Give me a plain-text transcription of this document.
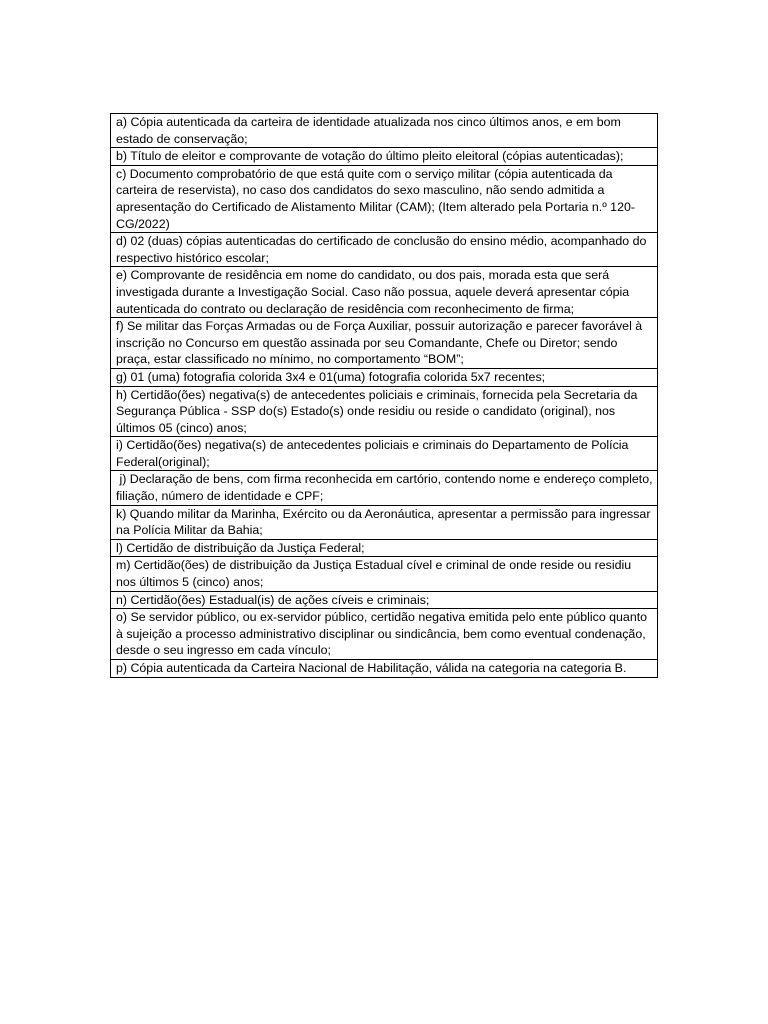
a) Cópia autenticada da carteira de identidade atualizada nos cinco últimos anos, e em bom estado de conservação;
b) Título de eleitor e comprovante de votação do último pleito eleitoral (cópias autenticadas);
c) Documento comprobatório de que está quite com o serviço militar (cópia autenticada da carteira de reservista), no caso dos candidatos do sexo masculino, não sendo admitida a apresentação do Certificado de Alistamento Militar (CAM); (Item alterado pela Portaria n.º 120-CG/2022)
d) 02 (duas) cópias autenticadas do certificado de conclusão do ensino médio, acompanhado do respectivo histórico escolar;
e) Comprovante de residência em nome do candidato, ou dos pais, morada esta que será investigada durante a Investigação Social. Caso não possua, aquele deverá apresentar cópia autenticada do contrato ou declaração de residência com reconhecimento de firma;
f) Se militar das Forças Armadas ou de Força Auxiliar, possuir autorização e parecer favorável à inscrição no Concurso em questão assinada por seu Comandante, Chefe ou Diretor; sendo praça, estar classificado no mínimo, no comportamento “BOM”;
g) 01 (uma) fotografia colorida 3x4 e 01(uma) fotografia colorida 5x7 recentes;
h) Certidão(ões) negativa(s) de antecedentes policiais e criminais, fornecida pela Secretaria da Segurança Pública - SSP do(s) Estado(s) onde residiu ou reside o candidato (original), nos últimos 05 (cinco) anos;
i) Certidão(ões) negativa(s) de antecedentes policiais e criminais do Departamento de Polícia Federal(original);
j) Declaração de bens, com firma reconhecida em cartório, contendo nome e endereço completo, filiação, número de identidade e CPF;
k) Quando militar da Marinha, Exército ou da Aeronáutica, apresentar a permissão para ingressar na Polícia Militar da Bahia;
l) Certidão de distribuição da Justiça Federal;
m) Certidão(ões) de distribuição da Justiça Estadual cível e criminal de onde reside ou residiu nos últimos 5 (cinco) anos;
n) Certidão(ões) Estadual(is) de ações cíveis e criminais;
o) Se servidor público, ou ex-servidor público, certidão negativa emitida pelo ente público quanto à sujeição a processo administrativo disciplinar ou sindicância, bem como eventual condenação, desde o seu ingresso em cada vínculo;
p) Cópia autenticada da Carteira Nacional de Habilitação, válida na categoria na categoria B.
